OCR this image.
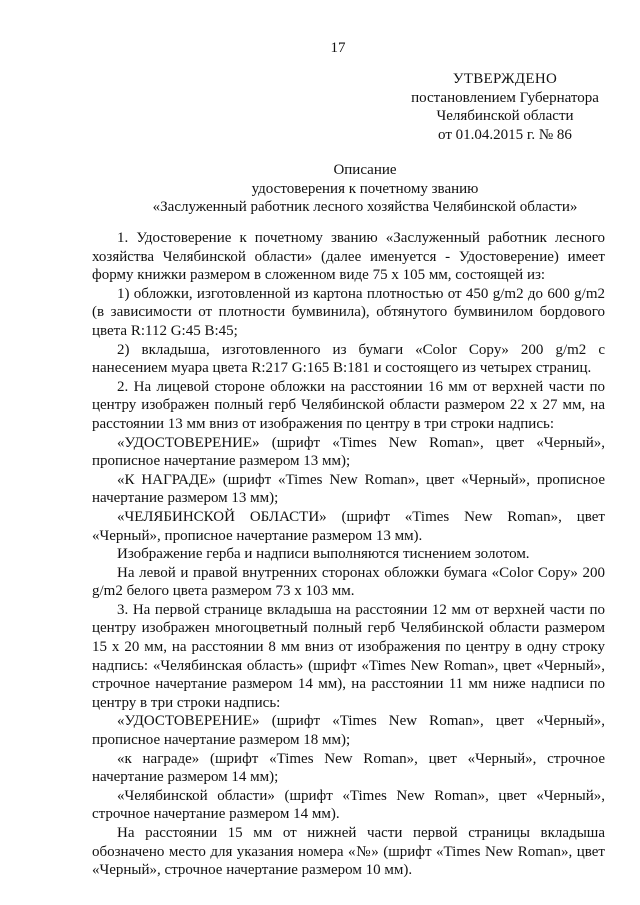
17
УТВЕРЖДЕНО
постановлением Губернатора
Челябинской области
от 01.04.2015 г. № 86
Описание
удостоверения к почетному званию
«Заслуженный работник лесного хозяйства Челябинской области»

1. Удостоверение к почетному званию «Заслуженный работник лесного хозяйства Челябинской области» (далее именуется - Удостоверение) имеет форму книжки размером в сложенном виде 75 х 105 мм, состоящей из:

1) обложки, изготовленной из картона плотностью от 450 g/m2 до 600 g/m2 (в зависимости от плотности бумвинила), обтянутого бумвинилом бордового цвета R:112 G:45 B:45;

2) вкладыша, изготовленного из бумаги «Color Copy» 200 g/m2 с нанесением муара цвета R:217 G:165 B:181 и состоящего из четырех страниц.

2. На лицевой стороне обложки на расстоянии 16 мм от верхней части по центру изображен полный герб Челябинской области размером 22 х 27 мм, на расстоянии 13 мм вниз от изображения по центру в три строки надпись:

«УДОСТОВЕРЕНИЕ» (шрифт «Times New Roman», цвет «Черный», прописное начертание размером 13 мм);

«К НАГРАДЕ» (шрифт «Times New Roman», цвет «Черный», прописное начертание размером 13 мм);

«ЧЕЛЯБИНСКОЙ ОБЛАСТИ» (шрифт «Times New Roman», цвет «Черный», прописное начертание размером 13 мм).

Изображение герба и надписи выполняются тиснением золотом.

На левой и правой внутренних сторонах обложки бумага «Color Copy» 200 g/m2 белого цвета размером 73 х 103 мм.

3. На первой странице вкладыша на расстоянии 12 мм от верхней части по центру изображен многоцветный полный герб Челябинской области размером 15 х 20 мм, на расстоянии 8 мм вниз от изображения по центру в одну строку надпись: «Челябинская область» (шрифт «Times New Roman», цвет «Черный», строчное начертание размером 14 мм), на расстоянии 11 мм ниже надписи по центру в три строки надпись:

«УДОСТОВЕРЕНИЕ» (шрифт «Times New Roman», цвет «Черный», прописное начертание размером 18 мм);

«к награде» (шрифт «Times New Roman», цвет «Черный», строчное начертание размером 14 мм);

«Челябинской области» (шрифт «Times New Roman», цвет «Черный», строчное начертание размером 14 мм).

На расстоянии 15 мм от нижней части первой страницы вкладыша обозначено место для указания номера «№» (шрифт «Times New Roman», цвет «Черный», строчное начертание размером 10 мм).
